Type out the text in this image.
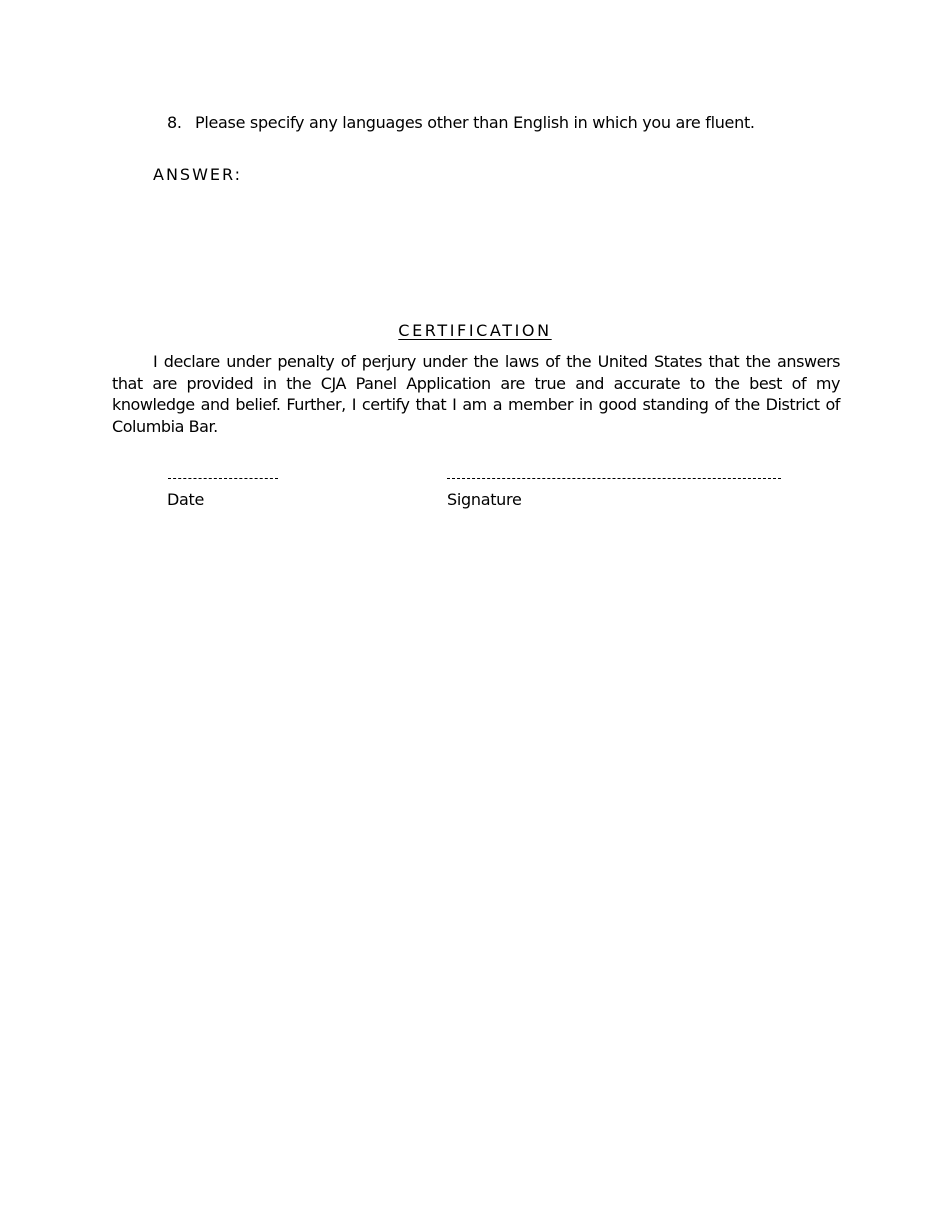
8. Please specify any languages other than English in which you are fluent.
ANSWER:
CERTIFICATION
I declare under penalty of perjury under the laws of the United States that the answers that are provided in the CJA Panel Application are true and accurate to the best of my knowledge and belief. Further, I certify that I am a member in good standing of the District of Columbia Bar.
Date	Signature
